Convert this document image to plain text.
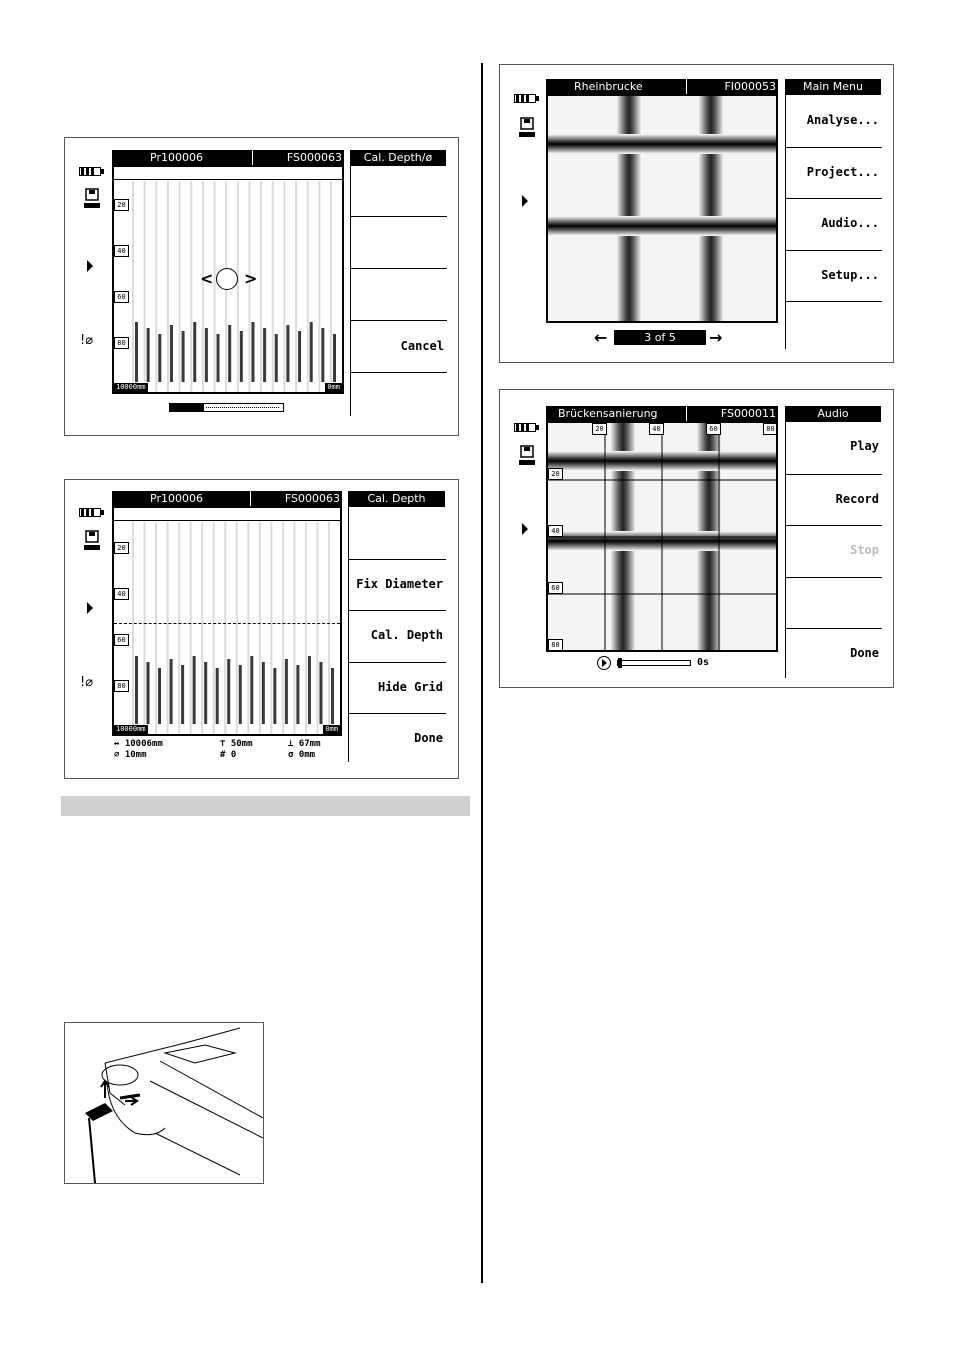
!⌀
Pr100006	FS000063
20
40
60
80
10000mm	0mm
< >
Cal. Depth/ø
Cancel
!⌀
Pr100006	FS000063
20
40
60
80
10000mm	0mm
↔ 10006mm	⊤ 50mm	⊥ 67mm
⌀ 10mm	# 0	σ 0mm
Cal. Depth
Fix Diameter
Cal. Depth
Hide Grid
Done
Rheinbrucke	FI000053
←	3 of 5	→
Main Menu
Analyse...
Project...
Audio...
Setup...
Brückensanierung	FS000011
20	40	60	80
20
40
60
80
0s
Audio
Play
Record
Stop
Done
